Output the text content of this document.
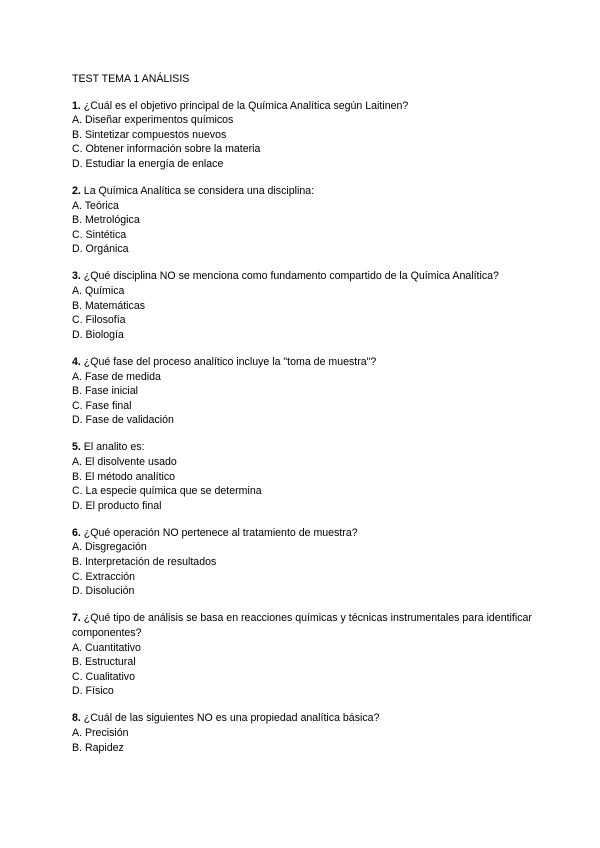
TEST TEMA 1 ANÁLISIS
1. ¿Cuál es el objetivo principal de la Química Analítica según Laitinen?
A. Diseñar experimentos químicos
B. Sintetizar compuestos nuevos
C. Obtener información sobre la materia
D. Estudiar la energía de enlace
2. La Química Analítica se considera una disciplina:
A. Teórica
B. Metrológica
C. Sintética
D. Orgánica
3. ¿Qué disciplina NO se menciona como fundamento compartido de la Química Analítica?
A. Química
B. Matemáticas
C. Filosofía
D. Biología
4. ¿Qué fase del proceso analítico incluye la "toma de muestra"?
A. Fase de medida
B. Fase inicial
C. Fase final
D. Fase de validación
5. El analito es:
A. El disolvente usado
B. El método analítico
C. La especie química que se determina
D. El producto final
6. ¿Qué operación NO pertenece al tratamiento de muestra?
A. Disgregación
B. Interpretación de resultados
C. Extracción
D. Disolución
7. ¿Qué tipo de análisis se basa en reacciones químicas y técnicas instrumentales para identificar componentes?
A. Cuantitativo
B. Estructural
C. Cualitativo
D. Físico
8. ¿Cuál de las siguientes NO es una propiedad analítica básica?
A. Precisión
B. Rapidez
